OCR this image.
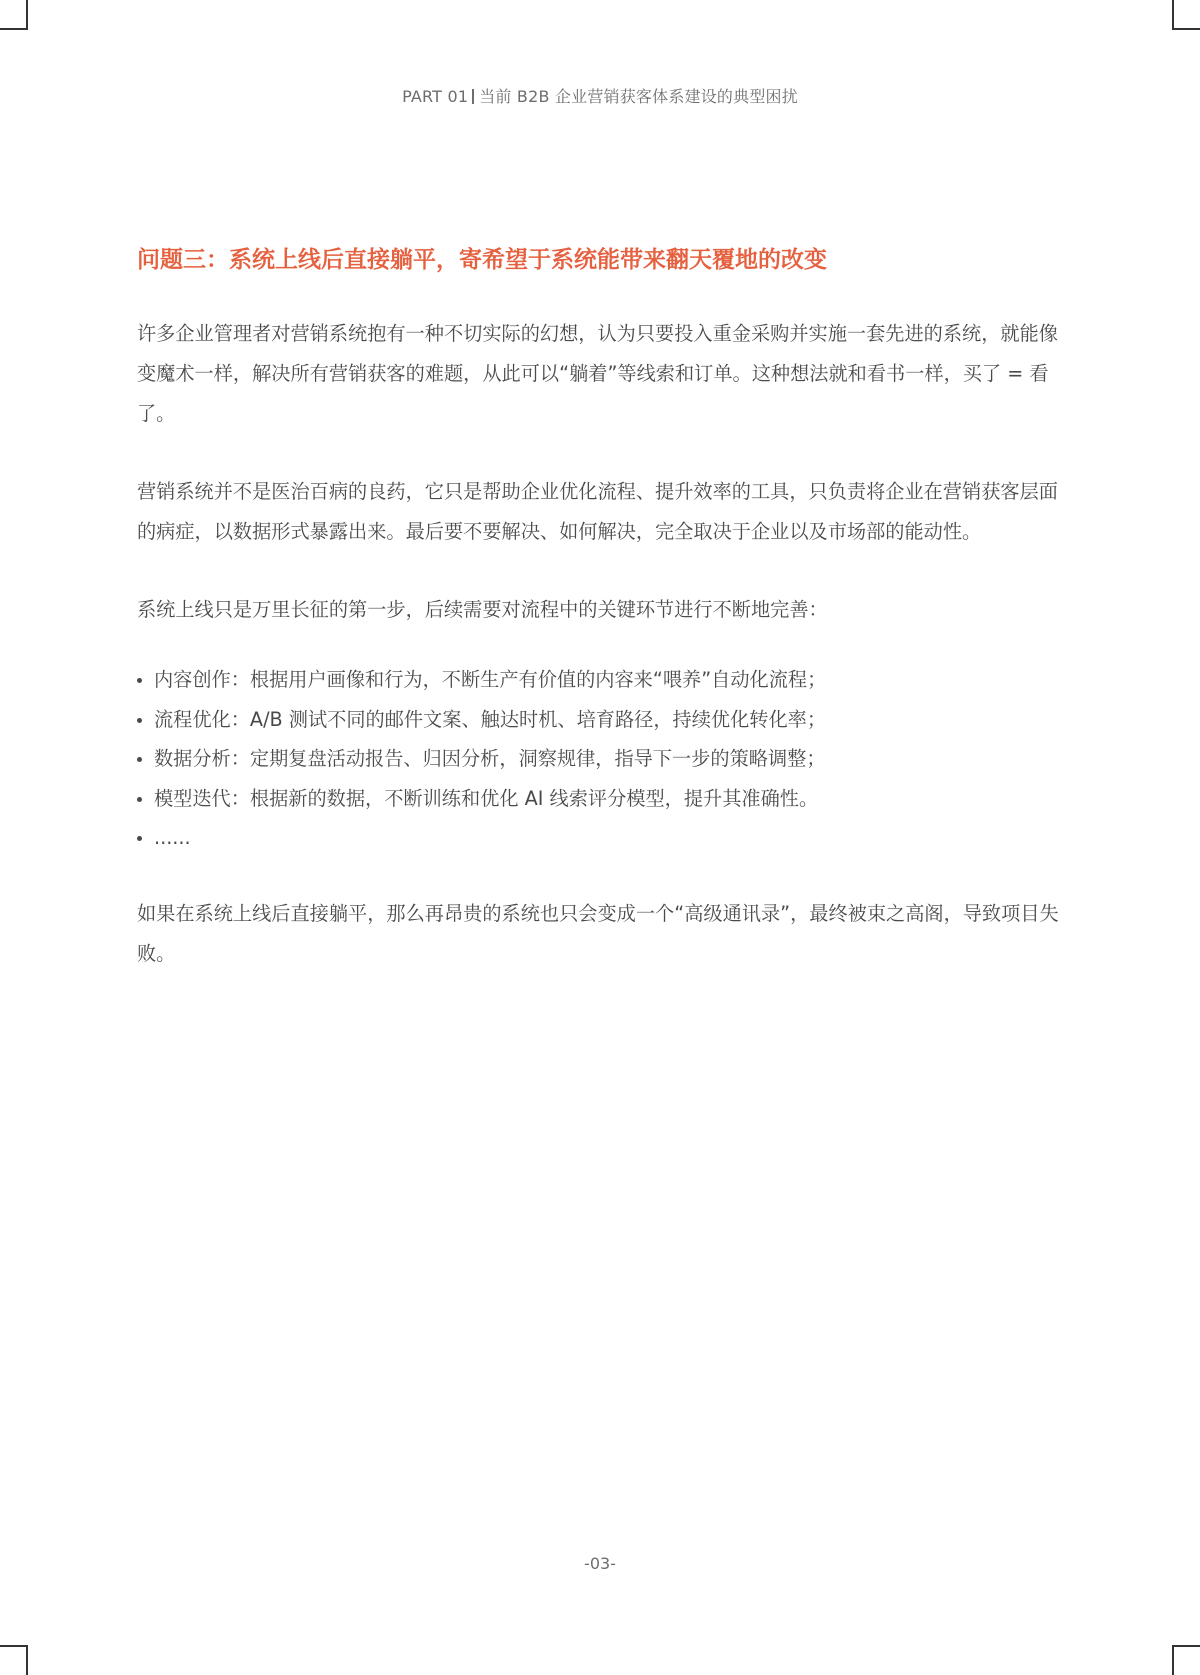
PART 01 当前 B2B 企业营销获客体系建设的典型困扰
问题三：系统上线后直接躺平，寄希望于系统能带来翻天覆地的改变

许多企业管理者对营销系统抱有一种不切实际的幻想，认为只要投入重金采购并实施一套先进的系统，就能像变魔术一样，解决所有营销获客的难题，从此可以“躺着”等线索和订单。这种想法就和看书一样，买了 = 看了。

营销系统并不是医治百病的良药，它只是帮助企业优化流程、提升效率的工具，只负责将企业在营销获客层面的病症，以数据形式暴露出来。最后要不要解决、如何解决，完全取决于企业以及市场部的能动性。

系统上线只是万里长征的第一步，后续需要对流程中的关键环节进行不断地完善：

内容创作：根据用户画像和行为，不断生产有价值的内容来“喂养”自动化流程；
流程优化：A/B 测试不同的邮件文案、触达时机、培育路径，持续优化转化率；
数据分析：定期复盘活动报告、归因分析，洞察规律，指导下一步的策略调整；
模型迭代：根据新的数据，不断训练和优化 AI 线索评分模型，提升其准确性。
......

如果在系统上线后直接躺平，那么再昂贵的系统也只会变成一个“高级通讯录”，最终被束之高阁，导致项目失败。

-03-
